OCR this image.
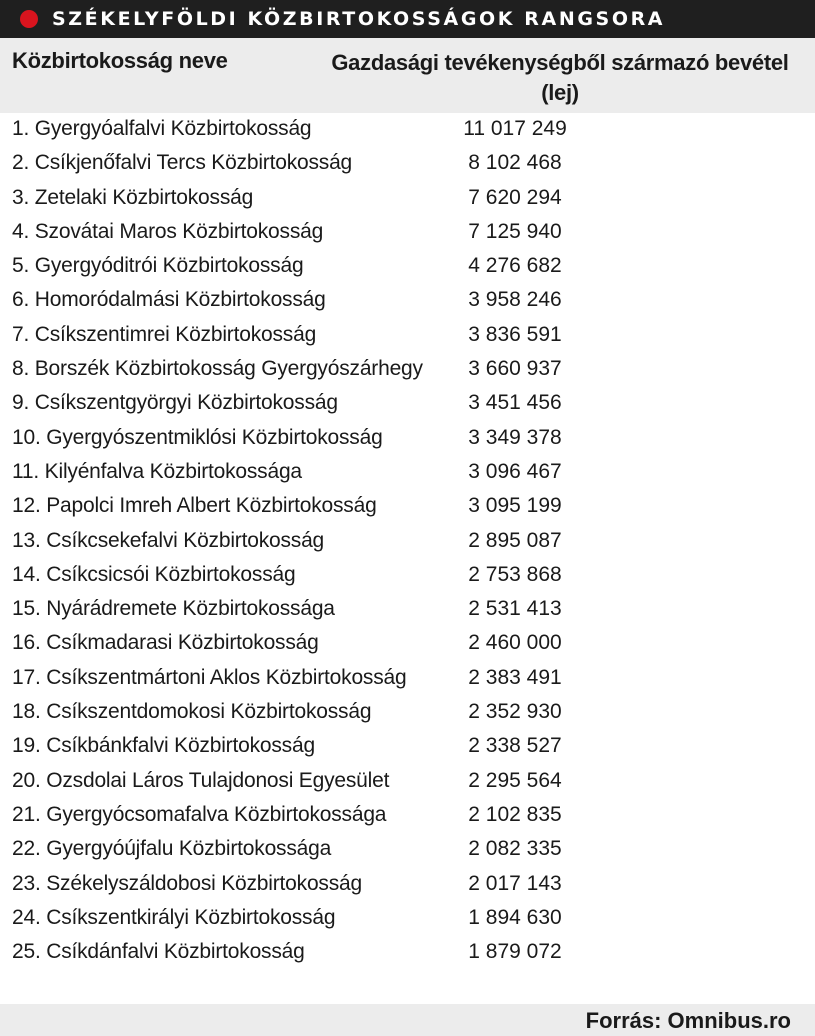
SZÉKELYFÖLDI KÖZBIRTOKOSSÁGOK RANGSORA
Közbirtokosság neve	Gazdasági tevékenységből származó bevétel (lej)
1. Gyergyóalfalvi Közbirtokosság	11 017 249
2. Csíkjenőfalvi Tercs Közbirtokosság	8 102 468
3. Zetelaki Közbirtokosság	7 620 294
4. Szovátai Maros Közbirtokosság	7 125 940
5. Gyergyóditrói Közbirtokosság	4 276 682
6. Homoródalmási Közbirtokosság	3 958 246
7. Csíkszentimrei Közbirtokosság	3 836 591
8. Borszék Közbirtokosság Gyergyószárhegy	3 660 937
9. Csíkszentgyörgyi Közbirtokosság	3 451 456
10. Gyergyószentmiklósi Közbirtokosság	3 349 378
11. Kilyénfalva Közbirtokossága	3 096 467
12. Papolci Imreh Albert Közbirtokosság	3 095 199
13. Csíkcsekefalvi Közbirtokosság	2 895 087
14. Csíkcsicsói Közbirtokosság	2 753 868
15. Nyárádremete Közbirtokossága	2 531 413
16. Csíkmadarasi Közbirtokosság	2 460 000
17. Csíkszentmártoni Aklos Közbirtokosság	2 383 491
18. Csíkszentdomokosi Közbirtokosság	2 352 930
19. Csíkbánkfalvi Közbirtokosság	2 338 527
20. Ozsdolai Láros Tulajdonosi Egyesület	2 295 564
21. Gyergyócsomafalva Közbirtokossága	2 102 835
22. Gyergyóújfalu Közbirtokossága	2 082 335
23. Székelyszáldobosi Közbirtokosság	2 017 143
24. Csíkszentkirályi Közbirtokosság	1 894 630
25. Csíkdánfalvi Közbirtokosság	1 879 072
Forrás: Omnibus.ro
